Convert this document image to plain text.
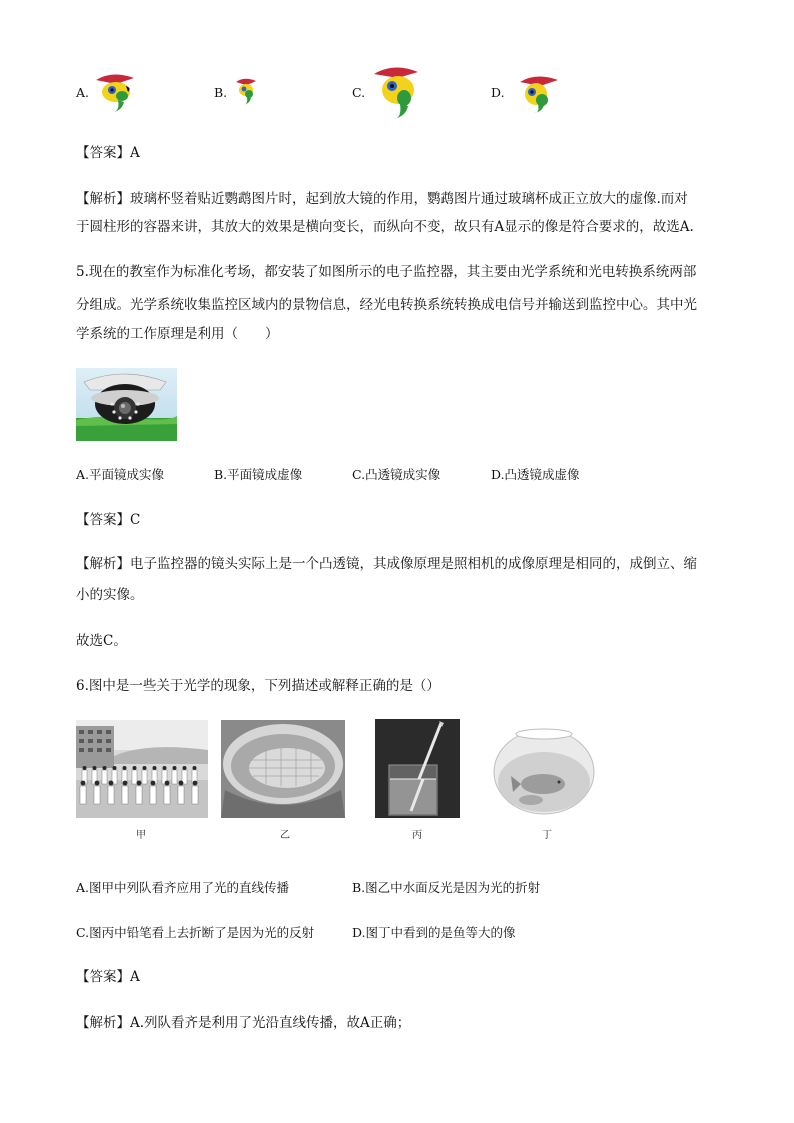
A.	B.	C.	D.
【答案】A
【解析】玻璃杯竖着贴近鹦鹉图片时，起到放大镜的作用，鹦鹉图片通过玻璃杯成正立放大的虚像.而对
于圆柱形的容器来讲，其放大的效果是横向变长，而纵向不变，故只有A显示的像是符合要求的，故选A.
5.现在的教室作为标准化考场，都安装了如图所示的电子监控器，其主要由光学系统和光电转换系统两部
分组成。光学系统收集监控区域内的景物信息，经光电转换系统转换成电信号并输送到监控中心。其中光
学系统的工作原理是利用（　　）
A.平面镜成实像	B.平面镜成虚像	C.凸透镜成实像	D.凸透镜成虚像
【答案】C
【解析】电子监控器的镜头实际上是一个凸透镜，其成像原理是照相机的成像原理是相同的，成倒立、缩
小的实像。
故选C。
6.图中是一些关于光学的现象，下列描述或解释正确的是（）
甲	乙	丙	丁
A.图甲中列队看齐应用了光的直线传播	B.图乙中水面反光是因为光的折射
C.图丙中铅笔看上去折断了是因为光的反射	D.图丁中看到的是鱼等大的像
【答案】A
【解析】A.列队看齐是利用了光沿直线传播，故A正确；
